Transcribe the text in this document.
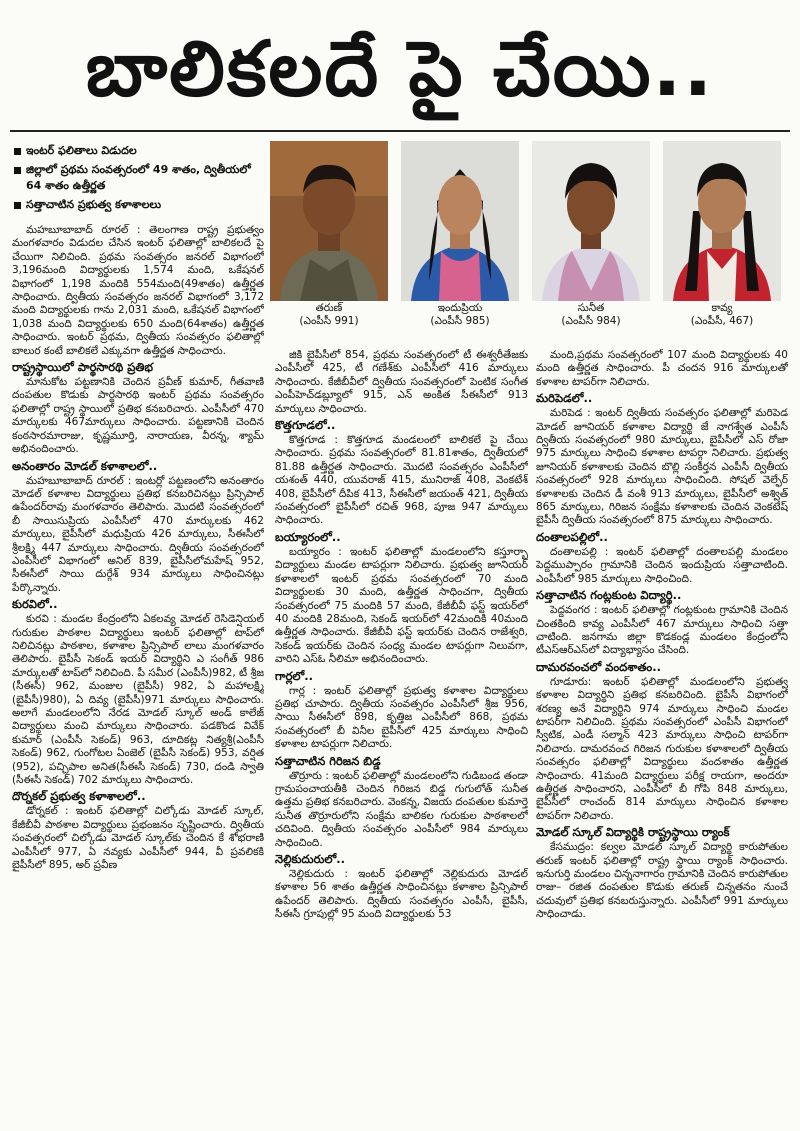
బాలికలదే పై చేయి..
ఇంటర్ ఫలితాలు విడుదల
జిల్లాలో ప్రథమ సంవత్సరంలో 49 శాతం, ద్వితీయలో 64 శాతం ఉత్తీర్ణత
సత్తాచాటిన ప్రభుత్వ కళాశాలలు
తరుణ్
(ఎంపీసీ 991)
ఇందుప్రియ
(ఎంపీసీ 985)
సునీత
(ఎంపీసీ 984)
కావ్య
(ఎంపీసీ, 467)

మహబూబాబాద్ రూరల్ : తెలంగాణ రాష్ట్ర ప్రభుత్వం మంగళవారం విడుదల చేసిన ఇంటర్ ఫలితాల్లో బాలికలదే పై చేయిగా నిలిచింది. ప్రథమ సంవత్సరం జనరల్ విభాగంలో 3,196మంది విద్యార్థులకు 1,574 మంది, ఒకేషనల్ విభాగంలో 1,198 మందికి 554మంది(49శాతం) ఉత్తీర్ణత సాధించారు. ద్వితీయ సంవత్సరం జనరల్ విభాగంలో 3,172 మంది విద్యార్థులకు గాను 2,031 మంది, ఒకేషనల్ విభాగంలో 1,038 మంది విద్యార్థులకు 650 మంది(64శాతం) ఉత్తీర్ణత సాధించారు. ఇంటర్ ప్రథమ, ద్వితీయ సంవత్సరం ఫలితాల్లో బాలుర కంటే బాలికలే ఎక్కువగా ఉత్తీర్ణత సాధించారు.

రాష్ట్రస్థాయిలో పార్థసారథి ప్రతిభ

మానుకోట పట్టణానికి చెందిన ప్రవీణ్ కుమార్, గీతవాణి దంపతుల కొడుకు పార్థసారథి ఇంటర్ ప్రథమ సంవత్సరం ఫలితాల్లో రాష్ట్ర స్థాయిలో ప్రతిభ కనబరిచారు. ఎంపీసీలో 470 మార్కులకు 467మార్కులు సాధించారు. పట్టణానికి చెందిన కంఠసారమారాజు, కృష్ణమూర్తి, నారాయణ, వీరన్న, శ్యామ్ అభినందించారు.

అనంతారం మోడల్ కళాశాలలో..

మహబూబాబాద్ రూరల్ : ఇంటర్లో పట్టణంలోని అనంతారం మోడల్ కళాశాల విద్యార్థులు ప్రతిభ కనబరిచినట్లు ప్రిన్సిపాల్ ఉపేందర్‌రావు మంగళవారం తెలిపారు. మొదటి సంవత్సరంలో బీ సాయిసుప్రియ ఎంపీసీలో 470 మార్కులకు 462 మార్కులు, బైపీసీలో మధుప్రియ 426 మార్కులు, సీఈసీలో శ్రీలక్ష్మి 447 మార్కులు సాధించారు. ద్వితీయ సంవత్సరంలో ఎంపీసీలో విభాగంలో అనిల్ 839, బైపీసీలోమహేష్ 952, సీఈసీలో సాయి దుర్గేశ్ 934 మార్కులు సాధించినట్లు పేర్కొన్నారు.

కురవిలో..

కురవి : మండల కేంద్రంలోని ఏకలవ్య మోడల్ రెసిడెన్షియల్ గురుకుల పాఠశాల విద్యార్థులు ఇంటర్ ఫలితాల్లో టాప్‌లో నిలిచినట్లు పాఠశాల, కళాశాల ప్రిన్సిపాల్ లాలు మంగళవారం తెలిపారు. బైపీసీ సెకండ్ ఇయర్ విద్యార్థిని ఎ సంగీత్ 986 మార్కులతో టాప్‌లో నిలిచింది. పీ సమీర (ఎంపీసీ)982, టీ శ్రీజ (సీఈసీ) 962, మంజుల (బైపీసీ) 982, ఏ మహాలక్ష్మి (బైపీసీ)980), ఏ దివ్య (బైపీసీ)971 మార్కులు సాధించారు. అలాగే మండలంలోని నేరడ మోడల్ స్కూల్ అండ్ కాలేజ్ విద్యార్థులు మంచి మార్కులు సాధించారు. పడకొండ వివేక్ కుమార్ (ఎంపీసీ సెకండ్) 963, దూదికట్ల నిత్యశ్రీ(ఎంపీసీ సెకండ్) 962, గుంగోటల ఏంజెల్ (బైపీసీ సెకండ్) 953, వర్షిత (952), పచ్చిపాల అనిత(సీఈసీ సెకండ్) 730, దండి స్వాతి (సీఈసీ సెకండ్) 702 మార్కులు సాధించారు.

దొర్నకల్ ప్రభుత్వ కళాశాలలో..

డోర్నకల్ : ఇంటర్ ఫలితాల్లో చిల్కోడు మోడల్ స్కూల్, కేజీబీవీ పాఠశాల విద్యార్థులు ప్రభంజనం సృష్టించారు. ద్వితీయ సంవత్సరంలో చిల్కోడు మోడల్ స్కూల్‌కు చెందిన కే శోభరాణి ఎంపీసీలో 977, ఏ నవ్యకు ఎంపీసీలో 944, వీ ప్రవలికకి బైపీసీలో 895, అర్ ప్రవీణ

జికి బైపీసీలో 854, ప్రథమ సంవత్సరంలో టీ ఈశ్వరీతేజకు ఎంపీసీలో 425, టీ గణేశ్‌కు ఎంపీసీలో 416 మార్కులు సాధించారు. కేజీబీవీలో ద్వితీయ సంవత్సరంలో పెంటిక సంగీత ఎంపీహెచ్‌డబ్ల్యూలో 915, ఎన్ అంకిత సీఈసీలో 913 మార్కులు సాధించారు.

కొత్తగూడలో..

కొత్తగూడ : కొత్తగూడ మండలంలో బాలికలే పై చేయి సాధించారు. ప్రథమ సంవత్సరంలో 81.81శాతం, ద్వితీయలో 81.88 ఉత్తీర్ణత సాధించారు. మొదటి సంవత్సరం ఎంపీసీలో యశంత్ 440, యువరాజ్ 415, మునిరాజ్ 408, వెంకటేశ్ 408, బైపీసీలో దీపిక 413, సీఈసీలో జయంత్ 421, ద్వితీయ సంవత్సరంలో బైపీసీలో రచిత్ 968, పూజ 947 మార్కులు సాధించారు.

బయ్యారంలో..

బయ్యారం : ఇంటర్ ఫలితాల్లో మండలంలోని కస్తూర్బా విద్యార్థులు మండల టాపర్లుగా నిలిచారు. ప్రభుత్వ జూనియర్ కళాశాలలో ఇంటర్ ప్రథమ సంవత్సరంలో 70 మంది విద్యార్థులకు 30 మంది, ఉత్తీర్ణత సాధించగా, ద్వితీయ సంవత్సరంలో 75 మందికి 57 మంది, కేజీబీవీ ఫస్ట్ ఇయర్‌లో 40 మందికి 28మంది, సెకండ్ ఇయర్‌లో 42మందికి 40మంది ఉత్తీర్ణత సాధించారు. కేజీబీవీ ఫస్ట్ ఇయర్‌కు చెందిన రాజేశ్వరి, సెకండ్ ఇయర్‌కు చెందిన సంధ్య మండల టాపర్లుగా నిలువగా, వారిని ఎస్‌ఓ నీలిమా అభినందించారు.

గార్లలో..

గార్ల : ఇంటర్ ఫలితాల్లో ప్రభుత్వ కళాశాల విద్యార్థులు ప్రతిభ చూపారు. ద్వితీయ సంవత్సరం ఎంపీసీలో శ్రీజ 956, సాయి సీఈసీలో 898, కృత్తిజ ఎంపీసీలో 868, ప్రథమ సంవత్సరంలో బీ వినీల బైపీసీలో 425 మార్కులు సాధించి కళాశాల టాపర్లుగా నిలిచారు.

సత్తాచాటిన గిరిజన బిడ్డ

తొర్రూరు : ఇంటర్ ఫలితాల్లో మండలంలోని గుడిబండ తండా గ్రామపంచాయతీకి చెందిన గిరిజన బిడ్డ గుగులోత్ సునీత ఉత్తమ ప్రతిభ కనబరిచారు. వెంకన్న, విజయ దంపతుల కుమార్తె సునీత తొర్రూరులోని సంక్షేమ బాలికల గురుకుల పాఠశాలలో చదివింది. ద్వితీయ సంవత్సరం ఎంపీసీలో 984 మార్కులు సాధించింది.

నెల్లికుదురులో..

నెల్లికుదురు : ఇంటర్ ఫలితాల్లో నెల్లికుదురు మోడల్ కళాశాల 56 శాతం ఉత్తీర్ణత సాధించినట్లు కళాశాల ప్రిన్సిపాల్ ఉపేందర్ తెలిపారు. ద్వితీయ సంవత్సరం ఎంపీసీ, బైపీసీ, సీఈసీ గ్రూపుల్లో 95 మంది విద్యార్థులకు 53

మంది,ప్రథమ సంవత్సరంలో 107 మంది విద్యార్థులకు 40 మంది ఉత్తీర్ణత సాధించారు. పీ చందన 916 మార్కులతో కళాశాల టాపర్‌గా నిలిచారు.

మరిపెడలో..

మరిపెడ : ఇంటర్ ద్వితీయ సంవత్సరం ఫలితాల్లో మరిపెడ మోడల్ జూనియర్ కళాశాల విద్యార్థి జే నాగశ్వేత ఎంపీసీ ద్వితీయ సంవత్సరంలో 980 మార్కులు, బైపీసీలో ఎస్ రోజా 975 మార్కులు సాధించి కళాశాల టాపర్గా నిలిచారు. ప్రభుత్వ జూనియర్ కళాశాలకు చెందిన బొల్లి సంకీర్తన ఎంపీసీ ద్వితీయ సంవత్సరంలో 928 మార్కులు సాధించింది. సోషల్ వెల్ఫేర్ కళాశాలకు చెందిన డీ వంశీ 913 మార్కులు, బైపీసీలో అశ్విత్ 865 మార్కులు, గిరిజన సంక్షేమ కళాశాలకు చెందిన వెంకటేష్ బైపీసీ ద్వితీయ సంవత్సరంలో 875 మార్కులు సాధించారు.

దంతాలపల్లిలో..

దంతాలపల్లి : ఇంటర్ ఫలితాల్లో దంతాలపల్లి మండలం పెద్దముప్పారం గ్రామానికి చెందిన ఇందుప్రియ సత్తాచాటింది. ఎంపీసీలో 985 మార్కులు సాధించింది.

సత్తాచాటిన గంట్లకుంట విద్యార్థి..

పెద్దవంగర : ఇంటర్ ఫలితాల్లో గంట్లకుంట గ్రామానికి చెందిన చింతకింది కావ్య ఎంపీసీలో 467 మార్కులు సాధించి సత్తా చాటింది. జనగామ జిల్లా కొడకండ్ల మండలం కేంద్రంలోని టీఎస్‌ఆర్‌ఎస్‌లో విద్యాభ్యాసం చేసింది.

దామరవంచలో వందశాతం..

గూడూరు: ఇంటర్ ఫలితాల్లో మండలంలోని ప్రభుత్వ కళాశాల విద్యార్థిని ప్రతిభ కనబరిచింది. బైపీసీ విభాగంలో శరణ్య అనే విద్యార్థిని 974 మార్కులు సాధించి మండల టాపర్‌గా నిలిచింది. ప్రథమ సంవత్సరంలో ఎంపీసీ విభాగంలో స్వీటిక, ఎండీ సల్మాన్ 423 మార్కులు సాధించి టాపర్‌గా నిలిచారు. దామరవంచ గిరిజన గురుకుల కళాశాలలో ద్వితీయ సంవత్సరం ఫలితాల్లో విద్యార్థులు వందశాతం ఉత్తీర్ణత సాధించారు. 41మంది విద్యార్థులు పరీక్ష రాయగా, అందరూ ఉత్తీర్ణత సాధించారని, ఎంపీసీలో బీ గోపి 848 మార్కులు, బైపీసీలో రాంచంద్ 814 మార్కులు సాధించిన కళాశాల టాపర్‌గా నిలిచారు.

మోడల్ స్కూల్ విద్యార్థికి రాష్ట్రస్థాయి ర్యాంక్

కేసముద్రం: కల్వల మోడల్ స్కూల్ విద్యార్థి కారుపోతుల తరుణ్ ఇంటర్ ఫలితాల్లో రాష్ట్ర స్థాయి ర్యాంక్ సాధించారు. ఇనుగుర్తి మండలం చిన్ననాగారం గ్రామానికి చెందిన కారుపోతుల రాజు– రజిత దంపతుల కొడుకు తరుణ్ చిన్నతనం నుంచే చదువులో ప్రతిభ కనబరుస్తున్నారు. ఎంపీసీలో 991 మార్కులు సాధించాడు.
